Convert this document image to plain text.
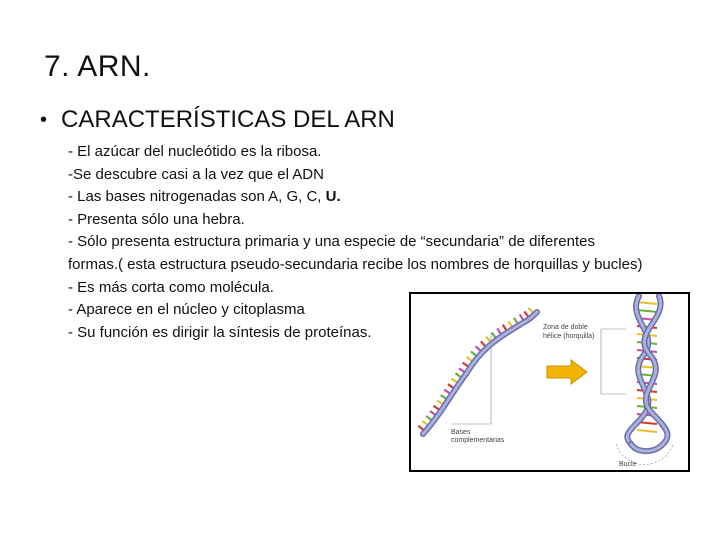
7. ARN.
• CARACTERÍSTICAS DEL ARN
- El azúcar del nucleótido es la ribosa.
-Se descubre casi a la vez que el ADN
- Las bases nitrogenadas son A, G, C, U.
- Presenta sólo una hebra.
- Sólo presenta estructura primaria y una especie de “secundaria” de diferentes formas.( esta estructura pseudo-secundaria recibe los nombres de horquillas y bucles)
- Es más corta como molécula.
- Aparece en el núcleo y citoplasma
- Su función es dirigir la síntesis de proteínas.	Zona de doble
hélice (horquilla)
Bases
complementarias
Bucle
